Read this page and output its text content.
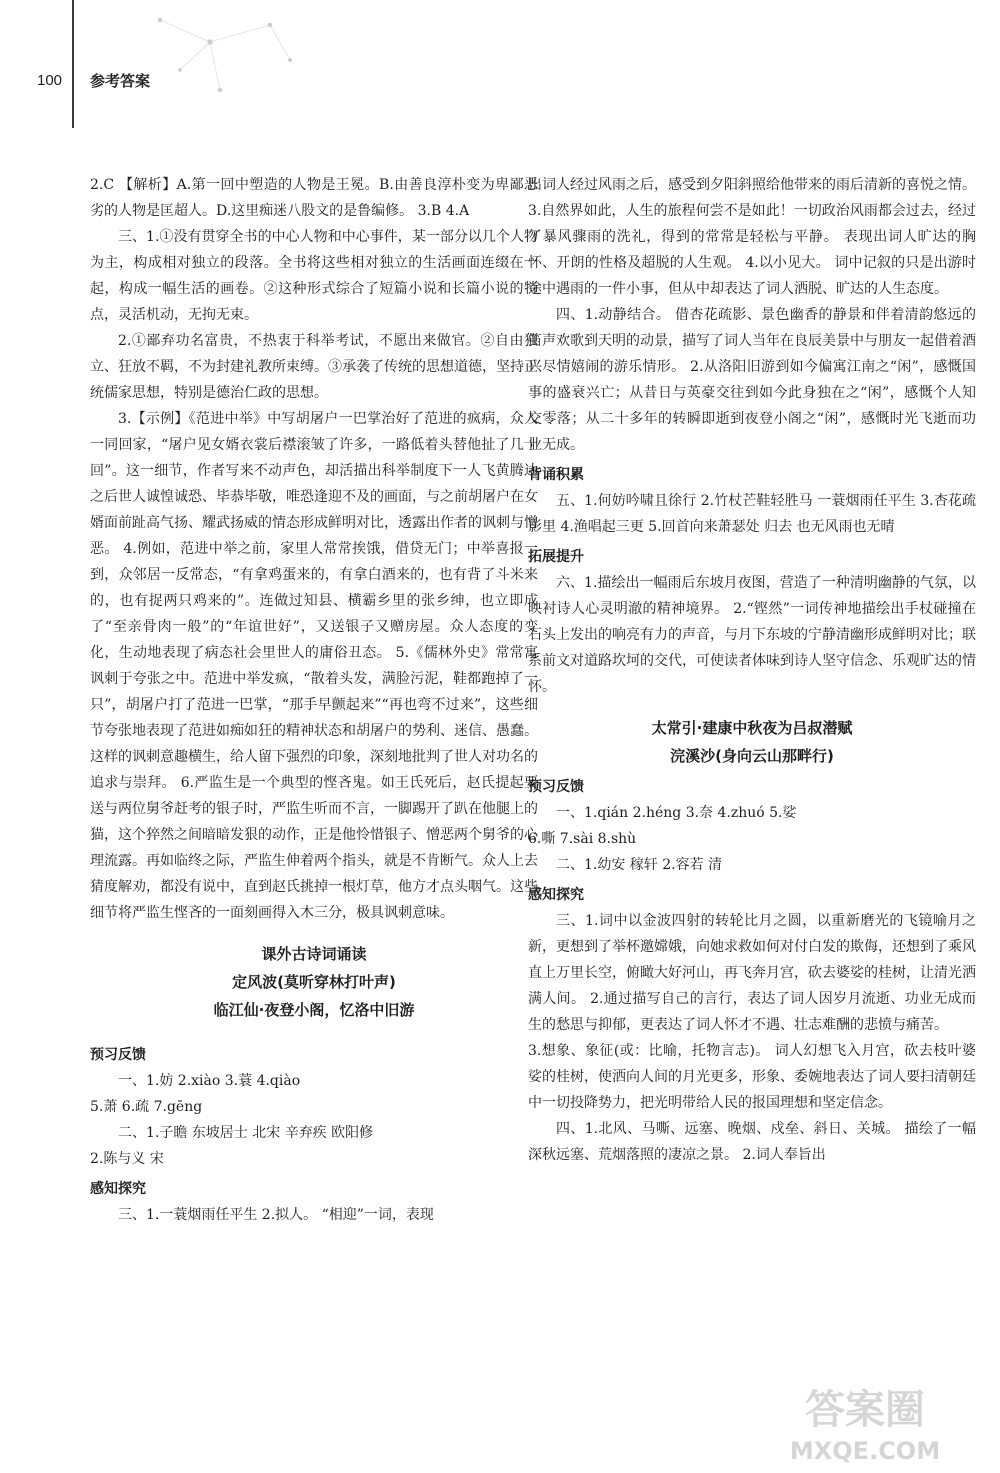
100 参考答案

2.C 【解析】A.第一回中塑造的人物是王冕。B.由善良淳朴变为卑鄙恶劣的人物是匡超人。D.这里痴迷八股文的是鲁编修。 3.B 4.A

三、1.①没有贯穿全书的中心人物和中心事件，某一部分以几个人物为主，构成相对独立的段落。全书将这些相对独立的生活画面连缀在一起，构成一幅生活的画卷。②这种形式综合了短篇小说和长篇小说的特点，灵活机动，无拘无束。

2.①鄙弃功名富贵，不热衷于科举考试，不愿出来做官。②自由独立、狂放不羁，不为封建礼教所束缚。③承袭了传统的思想道德，坚持正统儒家思想，特别是德治仁政的思想。

3.【示例】《范进中举》中写胡屠户一巴掌治好了范进的疯病，众人一同回家，“屠户见女婿衣裳后襟滚皱了许多，一路低着头替他扯了几十回”。这一细节，作者写来不动声色，却活描出科举制度下一人飞黄腾达之后世人诚惶诚恐、毕恭毕敬，唯恐逢迎不及的画面，与之前胡屠户在女婿面前趾高气扬、耀武扬威的情态形成鲜明对比，透露出作者的讽刺与憎恶。 4.例如，范进中举之前，家里人常常挨饿，借贷无门；中举喜报一到，众邻居一反常态，“有拿鸡蛋来的，有拿白酒来的，也有背了斗米来的，也有捉两只鸡来的”。连做过知县、横霸乡里的张乡绅，也立即成了“至亲骨肉一般”的“年谊世好”，又送银子又赠房屋。众人态度的变化，生动地表现了病态社会里世人的庸俗丑态。 5.《儒林外史》常常寓讽刺于夸张之中。范进中举发疯，“散着头发，满脸污泥，鞋都跑掉了一只”，胡屠户打了范进一巴掌，“那手早颤起来”“再也弯不过来”，这些细节夸张地表现了范进如痴如狂的精神状态和胡屠户的势利、迷信、愚蠢。这样的讽刺意趣横生，给人留下强烈的印象，深刻地批判了世人对功名的追求与崇拜。 6.严监生是一个典型的悭吝鬼。如王氏死后，赵氏提起要送与两位舅爷赶考的银子时，严监生听而不言，一脚踢开了趴在他腿上的猫，这个猝然之间暗暗发狠的动作，正是他怜惜银子、憎恶两个舅爷的心理流露。再如临终之际，严监生伸着两个指头，就是不肯断气。众人上去猜度解劝，都没有说中，直到赵氏挑掉一根灯草，他方才点头咽气。这些细节将严监生悭吝的一面刻画得入木三分，极具讽刺意味。

课外古诗词诵读
定风波(莫听穿林打叶声)
临江仙·夜登小阁，忆洛中旧游
预习反馈

一、1.妨 2.xiào 3.蓑 4.qiào

5.萧 6.疏 7.gēng

二、1.子瞻 东坡居士 北宋 辛弃疾 欧阳修

2.陈与义 宋

感知探究

三、1.一蓑烟雨任平生 2.拟人。 “相迎”一词，表现

出词人经过风雨之后，感受到夕阳斜照给他带来的雨后清新的喜悦之情。 3.自然界如此，人生的旅程何尝不是如此！一切政治风雨都会过去，经过了暴风骤雨的洗礼，得到的常常是轻松与平静。 表现出词人旷达的胸怀、开朗的性格及超脱的人生观。 4.以小见大。 词中记叙的只是出游时途中遇雨的一件小事，但从中却表达了词人洒脱、旷达的人生态度。

四、1.动静结合。 借杏花疏影、景色幽香的静景和伴着清韵悠远的笛声欢歌到天明的动景，描写了词人当年在良辰美景中与朋友一起借着酒兴尽情嬉闹的游乐情形。 2.从洛阳旧游到如今偏寓江南之“闲”，感慨国事的盛衰兴亡；从昔日与英豪交往到如今此身独在之“闲”，感慨个人知交零落；从二十多年的转瞬即逝到夜登小阁之“闲”，感慨时光飞逝而功业无成。

背诵积累

五、1.何妨吟啸且徐行 2.竹杖芒鞋轻胜马 一蓑烟雨任平生 3.杏花疏影里 4.渔唱起三更 5.回首向来萧瑟处 归去 也无风雨也无晴

拓展提升

六、1.描绘出一幅雨后东坡月夜图，营造了一种清明幽静的气氛，以映衬诗人心灵明澈的精神境界。 2.“铿然”一词传神地描绘出手杖碰撞在石头上发出的响亮有力的声音，与月下东坡的宁静清幽形成鲜明对比；联系前文对道路坎坷的交代，可使读者体味到诗人坚守信念、乐观旷达的情怀。

太常引·建康中秋夜为吕叔潜赋
浣溪沙(身向云山那畔行)
预习反馈

一、1.qián 2.héng 3.奈 4.zhuó 5.娑

6.嘶 7.sài 8.shù

二、1.幼安 稼轩 2.容若 清

感知探究

三、1.词中以金波四射的转轮比月之圆，以重新磨光的飞镜喻月之新，更想到了举杯邀嫦娥，向她求救如何对付白发的欺侮，还想到了乘风直上万里长空，俯瞰大好河山，再飞奔月宫，砍去婆娑的桂树，让清光洒满人间。 2.通过描写自己的言行，表达了词人因岁月流逝、功业无成而生的愁思与抑郁，更表达了词人怀才不遇、壮志难酬的悲愤与痛苦。

3.想象、象征(或：比喻，托物言志)。 词人幻想飞入月宫，砍去枝叶婆娑的桂树，使洒向人间的月光更多，形象、委婉地表达了词人要扫清朝廷中一切投降势力，把光明带给人民的报国理想和坚定信念。

四、1.北风、马嘶、远塞、晚烟、戍垒、斜日、关城。 描绘了一幅深秋远塞、荒烟落照的凄凉之景。 2.词人奉旨出

答案圈
MXQE.COM
